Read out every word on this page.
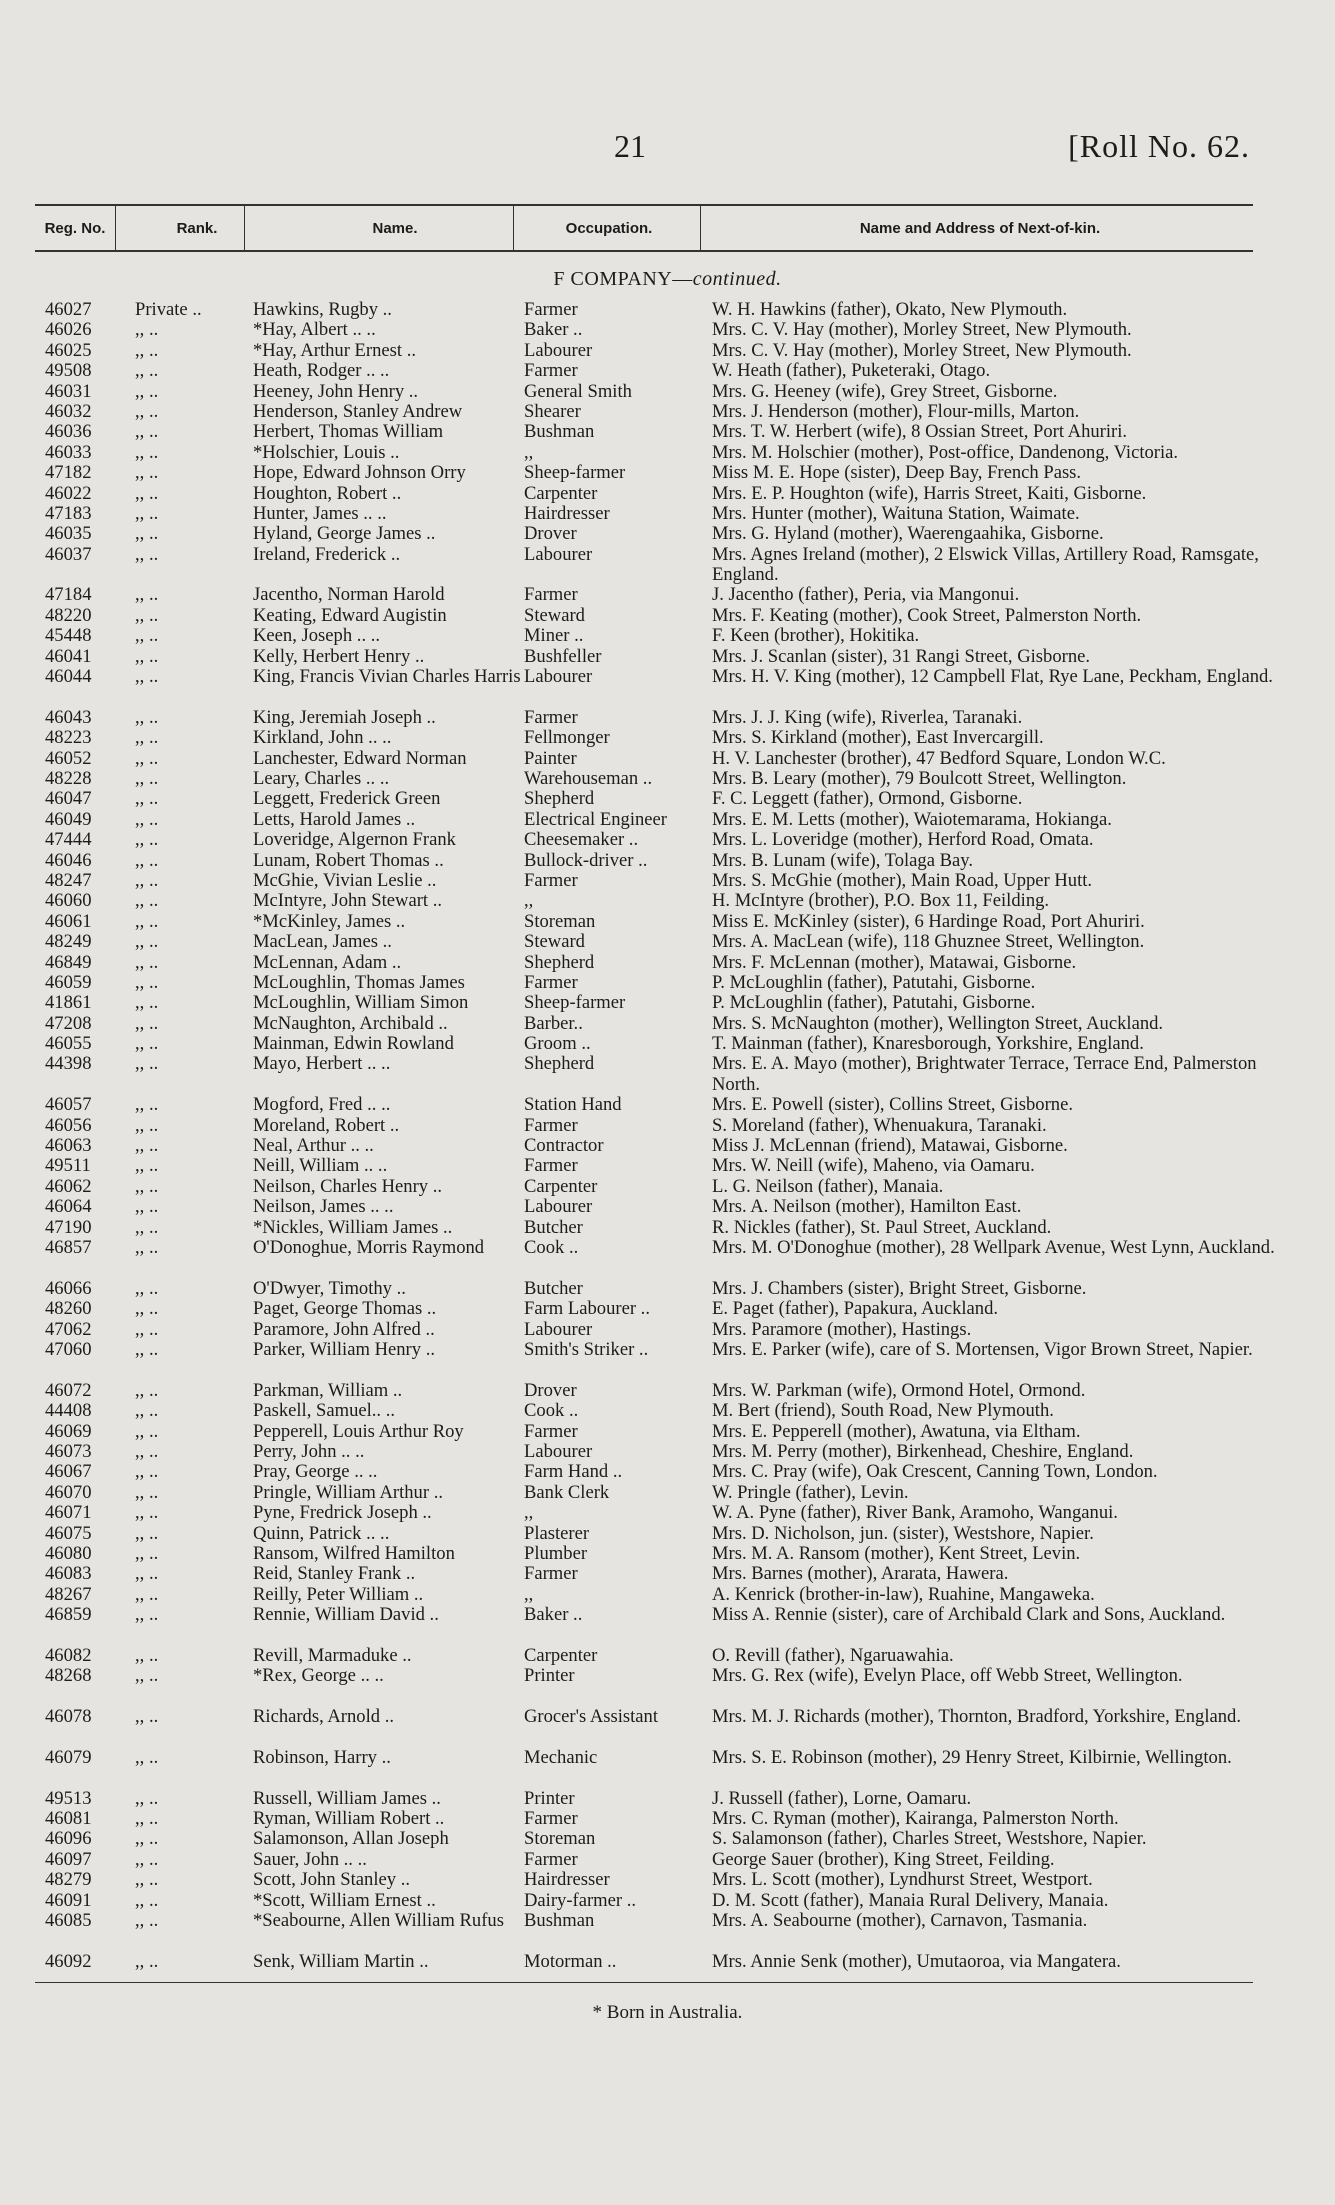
21	[Roll No. 62.
Reg. No.	Rank.	Name.	Occupation.	Name and Address of Next-of-kin.
F COMPANY—continued.
46027	Private ..	Hawkins, Rugby ..	Farmer	W. H. Hawkins (father), Okato, New Plymouth.
46026	,, ..	*Hay, Albert .. ..	Baker ..	Mrs. C. V. Hay (mother), Morley Street, New Plymouth.
46025	,, ..	*Hay, Arthur Ernest ..	Labourer	Mrs. C. V. Hay (mother), Morley Street, New Plymouth.
49508	,, ..	Heath, Rodger .. ..	Farmer	W. Heath (father), Puketeraki, Otago.
46031	,, ..	Heeney, John Henry ..	General Smith	Mrs. G. Heeney (wife), Grey Street, Gisborne.
46032	,, ..	Henderson, Stanley Andrew	Shearer	Mrs. J. Henderson (mother), Flour-mills, Marton.
46036	,, ..	Herbert, Thomas William	Bushman	Mrs. T. W. Herbert (wife), 8 Ossian Street, Port Ahuriri.
46033	,, ..	*Holschier, Louis ..	,,	Mrs. M. Holschier (mother), Post-office, Dandenong, Victoria.
47182	,, ..	Hope, Edward Johnson Orry	Sheep-farmer	Miss M. E. Hope (sister), Deep Bay, French Pass.
46022	,, ..	Houghton, Robert ..	Carpenter	Mrs. E. P. Houghton (wife), Harris Street, Kaiti, Gisborne.
47183	,, ..	Hunter, James .. ..	Hairdresser	Mrs. Hunter (mother), Waituna Station, Waimate.
46035	,, ..	Hyland, George James ..	Drover	Mrs. G. Hyland (mother), Waerengaahika, Gisborne.
46037	,, ..	Ireland, Frederick ..	Labourer	Mrs. Agnes Ireland (mother), 2 Elswick Villas, Artillery Road, Ramsgate, England.
47184	,, ..	Jacentho, Norman Harold	Farmer	J. Jacentho (father), Peria, via Mangonui.
48220	,, ..	Keating, Edward Augistin	Steward	Mrs. F. Keating (mother), Cook Street, Palmerston North.
45448	,, ..	Keen, Joseph .. ..	Miner ..	F. Keen (brother), Hokitika.
46041	,, ..	Kelly, Herbert Henry ..	Bushfeller	Mrs. J. Scanlan (sister), 31 Rangi Street, Gisborne.
46044	,, ..	King, Francis Vivian Charles Harris Labourer	Mrs. H. V. King (mother), 12 Campbell Flat, Rye Lane, Peckham, England.
46043	,, ..	King, Jeremiah Joseph ..	Farmer	Mrs. J. J. King (wife), Riverlea, Taranaki.
48223	,, ..	Kirkland, John .. ..	Fellmonger	Mrs. S. Kirkland (mother), East Invercargill.
46052	,, ..	Lanchester, Edward Norman	Painter	H. V. Lanchester (brother), 47 Bedford Square, London W.C.
48228	,, ..	Leary, Charles .. ..	Warehouseman ..	Mrs. B. Leary (mother), 79 Boulcott Street, Wellington.
46047	,, ..	Leggett, Frederick Green	Shepherd	F. C. Leggett (father), Ormond, Gisborne.
46049	,, ..	Letts, Harold James ..	Electrical Engineer	Mrs. E. M. Letts (mother), Waiotemarama, Hokianga.
47444	,, ..	Loveridge, Algernon Frank	Cheesemaker ..	Mrs. L. Loveridge (mother), Herford Road, Omata.
46046	,, ..	Lunam, Robert Thomas ..	Bullock-driver ..	Mrs. B. Lunam (wife), Tolaga Bay.
48247	,, ..	McGhie, Vivian Leslie ..	Farmer	Mrs. S. McGhie (mother), Main Road, Upper Hutt.
46060	,, ..	McIntyre, John Stewart ..	,,	H. McIntyre (brother), P.O. Box 11, Feilding.
46061	,, ..	*McKinley, James ..	Storeman	Miss E. McKinley (sister), 6 Hardinge Road, Port Ahuriri.
48249	,, ..	MacLean, James ..	Steward	Mrs. A. MacLean (wife), 118 Ghuznee Street, Wellington.
46849	,, ..	McLennan, Adam ..	Shepherd	Mrs. F. McLennan (mother), Matawai, Gisborne.
46059	,, ..	McLoughlin, Thomas James	Farmer	P. McLoughlin (father), Patutahi, Gisborne.
41861	,, ..	McLoughlin, William Simon	Sheep-farmer	P. McLoughlin (father), Patutahi, Gisborne.
47208	,, ..	McNaughton, Archibald ..	Barber..	Mrs. S. McNaughton (mother), Wellington Street, Auckland.
46055	,, ..	Mainman, Edwin Rowland	Groom ..	T. Mainman (father), Knaresborough, Yorkshire, England.
44398	,, ..	Mayo, Herbert .. ..	Shepherd	Mrs. E. A. Mayo (mother), Brightwater Terrace, Terrace End, Palmerston North.
46057	,, ..	Mogford, Fred .. ..	Station Hand	Mrs. E. Powell (sister), Collins Street, Gisborne.
46056	,, ..	Moreland, Robert ..	Farmer	S. Moreland (father), Whenuakura, Taranaki.
46063	,, ..	Neal, Arthur .. ..	Contractor	Miss J. McLennan (friend), Matawai, Gisborne.
49511	,, ..	Neill, William .. ..	Farmer	Mrs. W. Neill (wife), Maheno, via Oamaru.
46062	,, ..	Neilson, Charles Henry ..	Carpenter	L. G. Neilson (father), Manaia.
46064	,, ..	Neilson, James .. ..	Labourer	Mrs. A. Neilson (mother), Hamilton East.
47190	,, ..	*Nickles, William James ..	Butcher	R. Nickles (father), St. Paul Street, Auckland.
46857	,, ..	O'Donoghue, Morris Raymond	Cook ..	Mrs. M. O'Donoghue (mother), 28 Wellpark Avenue, West Lynn, Auckland.
46066	,, ..	O'Dwyer, Timothy ..	Butcher	Mrs. J. Chambers (sister), Bright Street, Gisborne.
48260	,, ..	Paget, George Thomas ..	Farm Labourer ..	E. Paget (father), Papakura, Auckland.
47062	,, ..	Paramore, John Alfred ..	Labourer	Mrs. Paramore (mother), Hastings.
47060	,, ..	Parker, William Henry ..	Smith's Striker ..	Mrs. E. Parker (wife), care of S. Mortensen, Vigor Brown Street, Napier.
46072	,, ..	Parkman, William ..	Drover	Mrs. W. Parkman (wife), Ormond Hotel, Ormond.
44408	,, ..	Paskell, Samuel.. ..	Cook ..	M. Bert (friend), South Road, New Plymouth.
46069	,, ..	Pepperell, Louis Arthur Roy	Farmer	Mrs. E. Pepperell (mother), Awatuna, via Eltham.
46073	,, ..	Perry, John .. ..	Labourer	Mrs. M. Perry (mother), Birkenhead, Cheshire, England.
46067	,, ..	Pray, George .. ..	Farm Hand ..	Mrs. C. Pray (wife), Oak Crescent, Canning Town, London.
46070	,, ..	Pringle, William Arthur ..	Bank Clerk	W. Pringle (father), Levin.
46071	,, ..	Pyne, Fredrick Joseph ..	,,	W. A. Pyne (father), River Bank, Aramoho, Wanganui.
46075	,, ..	Quinn, Patrick .. ..	Plasterer	Mrs. D. Nicholson, jun. (sister), Westshore, Napier.
46080	,, ..	Ransom, Wilfred Hamilton	Plumber	Mrs. M. A. Ransom (mother), Kent Street, Levin.
46083	,, ..	Reid, Stanley Frank ..	Farmer	Mrs. Barnes (mother), Ararata, Hawera.
48267	,, ..	Reilly, Peter William ..	,,	A. Kenrick (brother-in-law), Ruahine, Mangaweka.
46859	,, ..	Rennie, William David ..	Baker ..	Miss A. Rennie (sister), care of Archibald Clark and Sons, Auckland.
46082	,, ..	Revill, Marmaduke ..	Carpenter	O. Revill (father), Ngaruawahia.
48268	,, ..	*Rex, George .. ..	Printer	Mrs. G. Rex (wife), Evelyn Place, off Webb Street, Wellington.
46078	,, ..	Richards, Arnold ..	Grocer's Assistant	Mrs. M. J. Richards (mother), Thornton, Bradford, Yorkshire, England.
46079	,, ..	Robinson, Harry ..	Mechanic	Mrs. S. E. Robinson (mother), 29 Henry Street, Kilbirnie, Wellington.
49513	,, ..	Russell, William James ..	Printer	J. Russell (father), Lorne, Oamaru.
46081	,, ..	Ryman, William Robert ..	Farmer	Mrs. C. Ryman (mother), Kairanga, Palmerston North.
46096	,, ..	Salamonson, Allan Joseph	Storeman	S. Salamonson (father), Charles Street, Westshore, Napier.
46097	,, ..	Sauer, John .. ..	Farmer	George Sauer (brother), King Street, Feilding.
48279	,, ..	Scott, John Stanley ..	Hairdresser	Mrs. L. Scott (mother), Lyndhurst Street, Westport.
46091	,, ..	*Scott, William Ernest ..	Dairy-farmer ..	D. M. Scott (father), Manaia Rural Delivery, Manaia.
46085	,, ..	*Seabourne, Allen William Rufus	Bushman	Mrs. A. Seabourne (mother), Carnavon, Tasmania.
46092	,, ..	Senk, William Martin ..	Motorman ..	Mrs. Annie Senk (mother), Umutaoroa, via Mangatera.
* Born in Australia.
